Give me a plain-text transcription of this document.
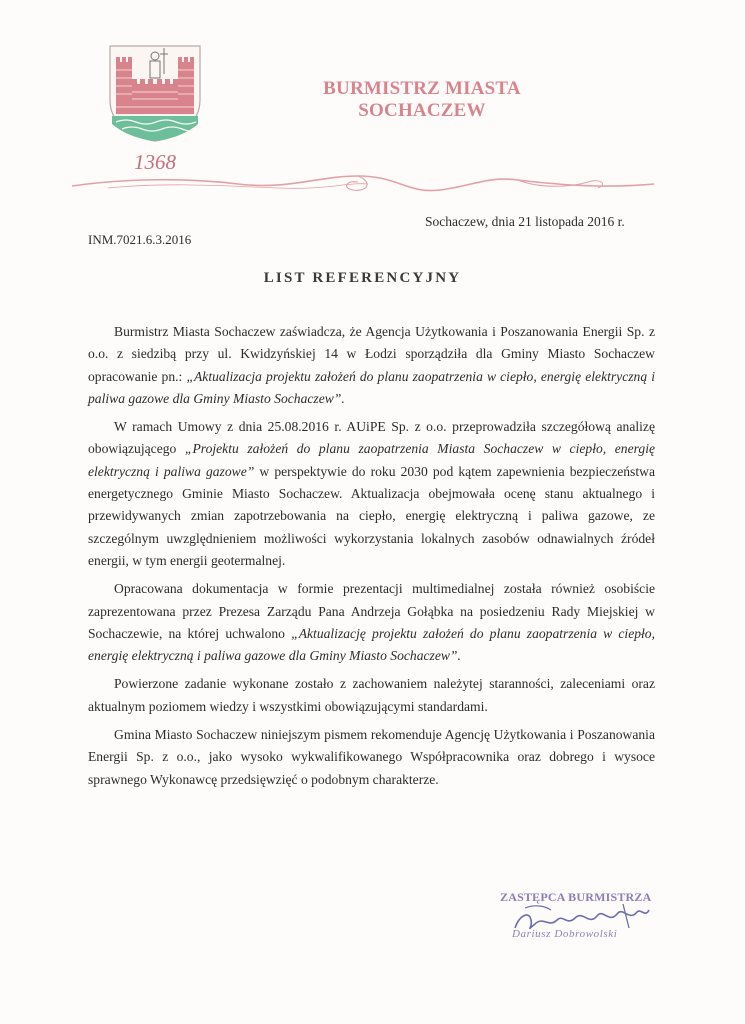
1368
BURMISTRZ MIASTA
SOCHACZEW
Sochaczew, dnia 21 listopada 2016 r.
INM.7021.6.3.2016
LIST REFERENCYJNY

Burmistrz Miasta Sochaczew zaświadcza, że Agencja Użytkowania i Poszanowania Energii Sp. z o.o. z siedzibą przy ul. Kwidzyńskiej 14 w Łodzi sporządziła dla Gminy Miasto Sochaczew opracowanie pn.: „Aktualizacja projektu założeń do planu zaopatrzenia w ciepło, energię elektryczną i paliwa gazowe dla Gminy Miasto Sochaczew”.

W ramach Umowy z dnia 25.08.2016 r. AUiPE Sp. z o.o. przeprowadziła szczegółową analizę obowiązującego „Projektu założeń do planu zaopatrzenia Miasta Sochaczew w ciepło, energię elektryczną i paliwa gazowe” w perspektywie do roku 2030 pod kątem zapewnienia bezpieczeństwa energetycznego Gminie Miasto Sochaczew. Aktualizacja obejmowała ocenę stanu aktualnego i przewidywanych zmian zapotrzebowania na ciepło, energię elektryczną i paliwa gazowe, ze szczególnym uwzględnieniem możliwości wykorzystania lokalnych zasobów odnawialnych źródeł energii, w tym energii geotermalnej.

Opracowana dokumentacja w formie prezentacji multimedialnej została również osobiście zaprezentowana przez Prezesa Zarządu Pana Andrzeja Gołąbka na posiedzeniu Rady Miejskiej w Sochaczewie, na której uchwalono „Aktualizację projektu założeń do planu zaopatrzenia w ciepło, energię elektryczną i paliwa gazowe dla Gminy Miasto Sochaczew”.

Powierzone zadanie wykonane zostało z zachowaniem należytej staranności, zaleceniami oraz aktualnym poziomem wiedzy i wszystkimi obowiązującymi standardami.

Gmina Miasto Sochaczew niniejszym pismem rekomenduje Agencję Użytkowania i Poszanowania Energii Sp. z o.o., jako wysoko wykwalifikowanego Współpracownika oraz dobrego i wysoce sprawnego Wykonawcę przedsięwzięć o podobnym charakterze.

ZASTĘPCA BURMISTRZA
Dariusz Dobrowolski
